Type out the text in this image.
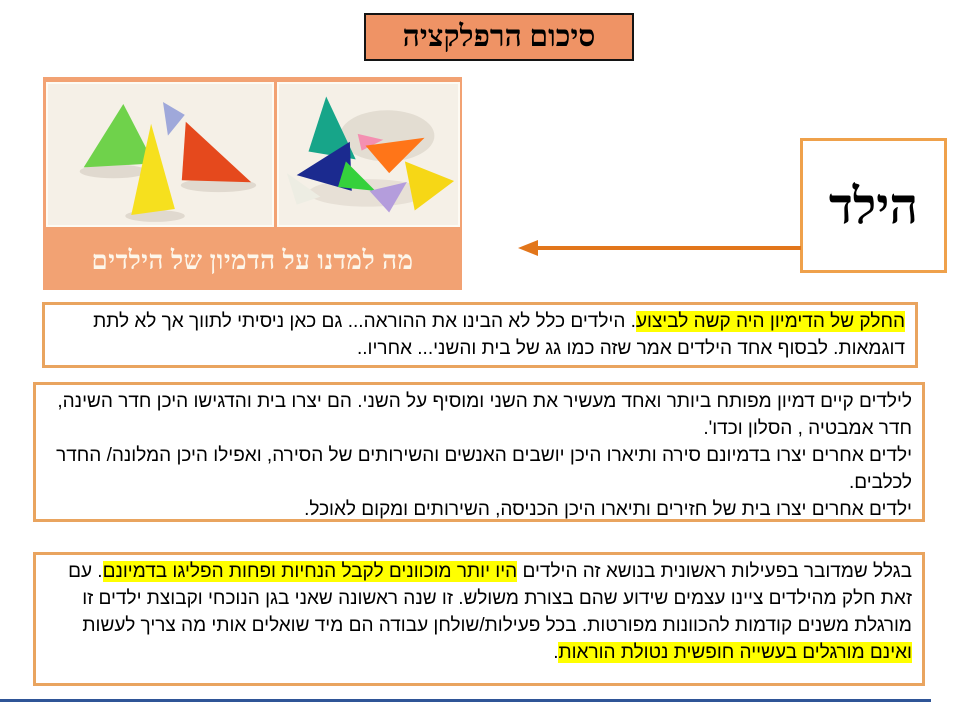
סיכום הרפלקציה
מה למדנו על הדמיון של הילדים
הילד
החלק של הדימיון היה קשה לביצוע. הילדים כלל לא הבינו את ההוראה... גם כאן ניסיתי לתווך אך לא לתת דוגמאות. לבסוף אחד הילדים אמר שזה כמו גג של בית והשני... אחריו..
לילדים קיים דמיון מפותח ביותר ואחד מעשיר את השני ומוסיף על השני. הם יצרו בית והדגישו היכן חדר השינה, חדר אמבטיה , הסלון וכדו'.
ילדים אחרים יצרו בדמיונם סירה ותיארו היכן יושבים האנשים והשירותים של הסירה, ואפילו היכן המלונה/ החדר לכלבים.
ילדים אחרים יצרו בית של חזירים ותיארו היכן הכניסה, השירותים ומקום לאוכל.
בגלל שמדובר בפעילות ראשונית בנושא זה הילדים היו יותר מוכוונים לקבל הנחיות ופחות הפליגו בדמיונם. עם זאת חלק מהילדים ציינו עצמים שידוע שהם בצורת משולש. זו שנה ראשונה שאני בגן הנוכחי וקבוצת ילדים זו מורגלת משנים קודמות להכוונות מפורטות. בכל פעילות/שולחן עבודה הם מיד שואלים אותי מה צריך לעשות ואינם מורגלים בעשייה חופשית נטולת הוראות.
